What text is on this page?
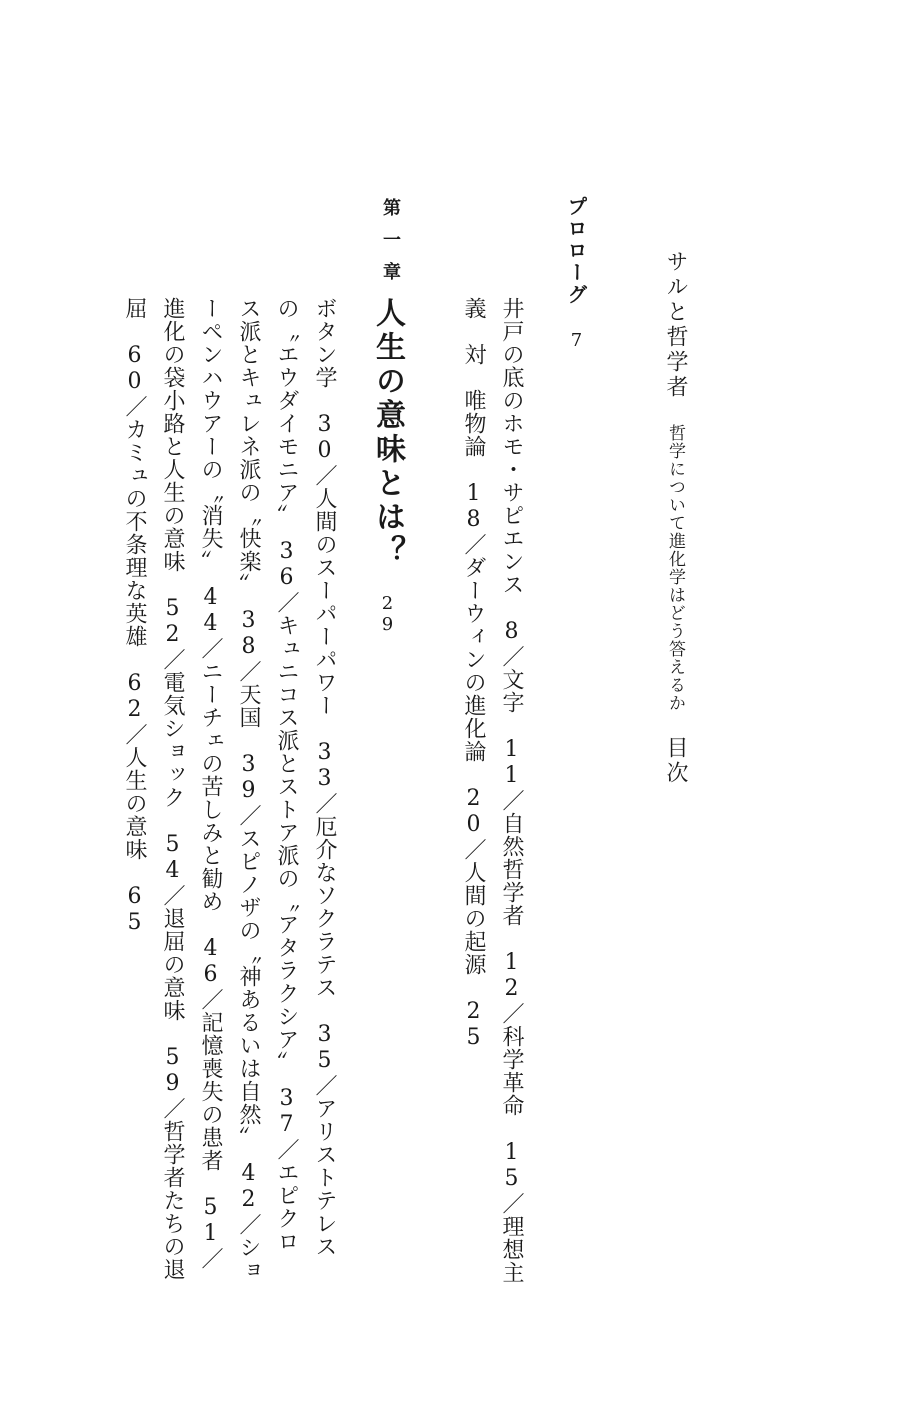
サルと哲学者哲学について進化学はどう答えるか目次
プロローグ7
井戸の底のホモ・サピエンス　8／文字　11／自然哲学者　12／科学革命　15／理想主
義　対　唯物論　18／ダーウィンの進化論　20／人間の起源　25
第一章
人生の意味とは？29
ボタン学　30／人間のスーパーパワー　33／厄介なソクラテス　35／アリストテレス
の〝エウダイモニア〟　36／キュニコス派とストア派の〝アタラクシア〟　37／エピクロ
ス派とキュレネ派の〝快楽〟　38／天国　39／スピノザの〝神あるいは自然〟　42／ショ
ーペンハウアーの〝消失〟　44／ニーチェの苦しみと勧め　46／記憶喪失の患者　51／
進化の袋小路と人生の意味　52／電気ショック　54／退屈の意味　59／哲学者たちの退
屈　60／カミュの不条理な英雄　62／人生の意味　65
